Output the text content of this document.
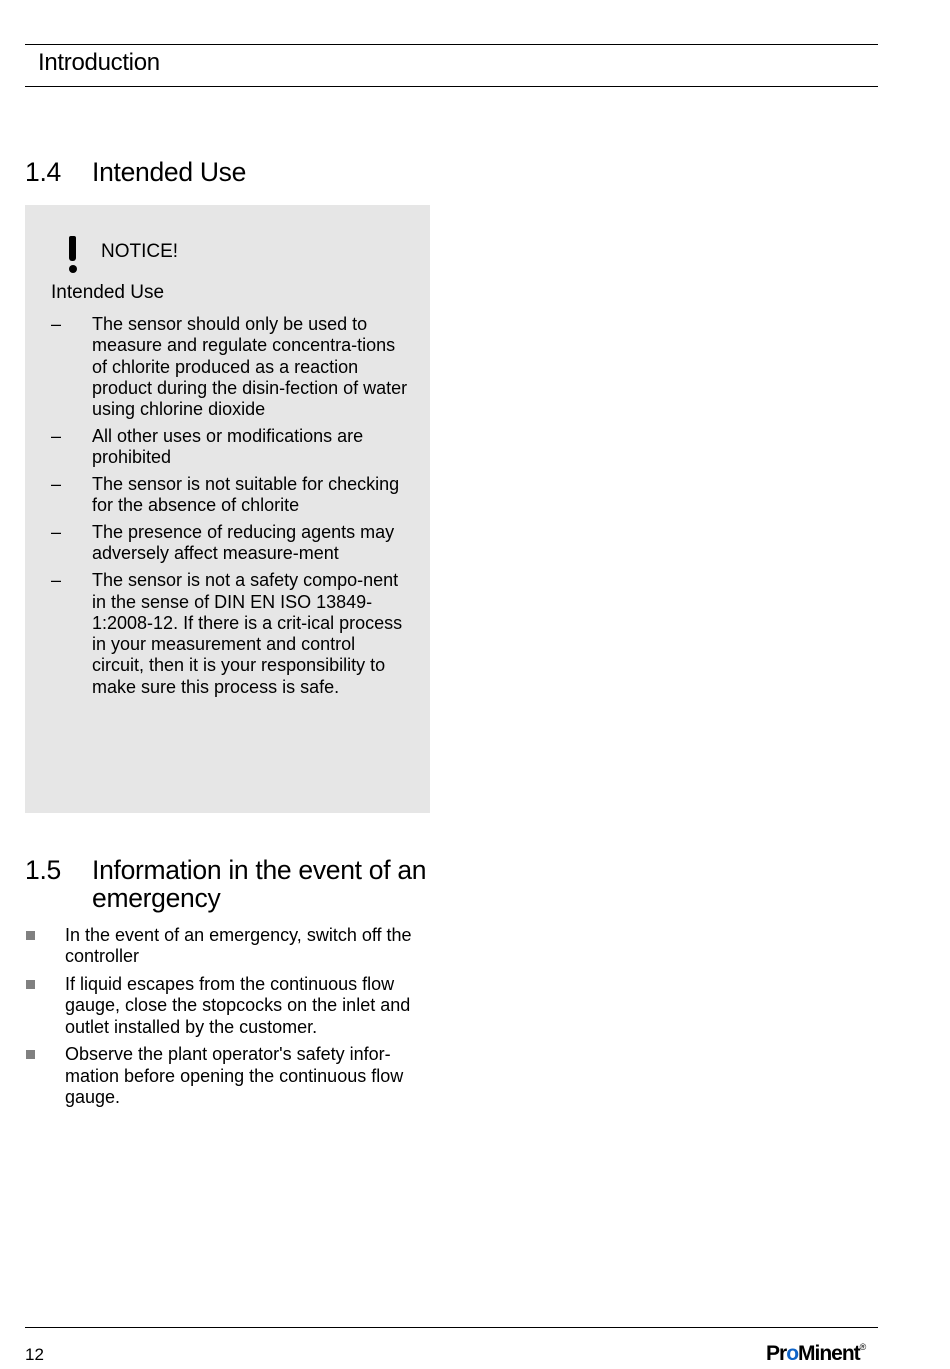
Introduction
1.4 Intended Use
NOTICE!
Intended Use
– The sensor should only be used to measure and regulate concentra-tions of chlorite produced as a reaction product during the disin-fection of water using chlorine dioxide
– All other uses or modifications are prohibited
– The sensor is not suitable for checking for the absence of chlorite
– The presence of reducing agents may adversely affect measure-ment
– The sensor is not a safety compo-nent in the sense of DIN EN ISO 13849-1:2008-12. If there is a crit-ical process in your measurement and control circuit, then it is your responsibility to make sure this process is safe.
1.5 Information in the event of an emergency
In the event of an emergency, switch off the controller
If liquid escapes from the continuous flow gauge, close the stopcocks on the inlet and outlet installed by the customer.
Observe the plant operator's safety infor-mation before opening the continuous flow gauge.
12	ProMinent®
